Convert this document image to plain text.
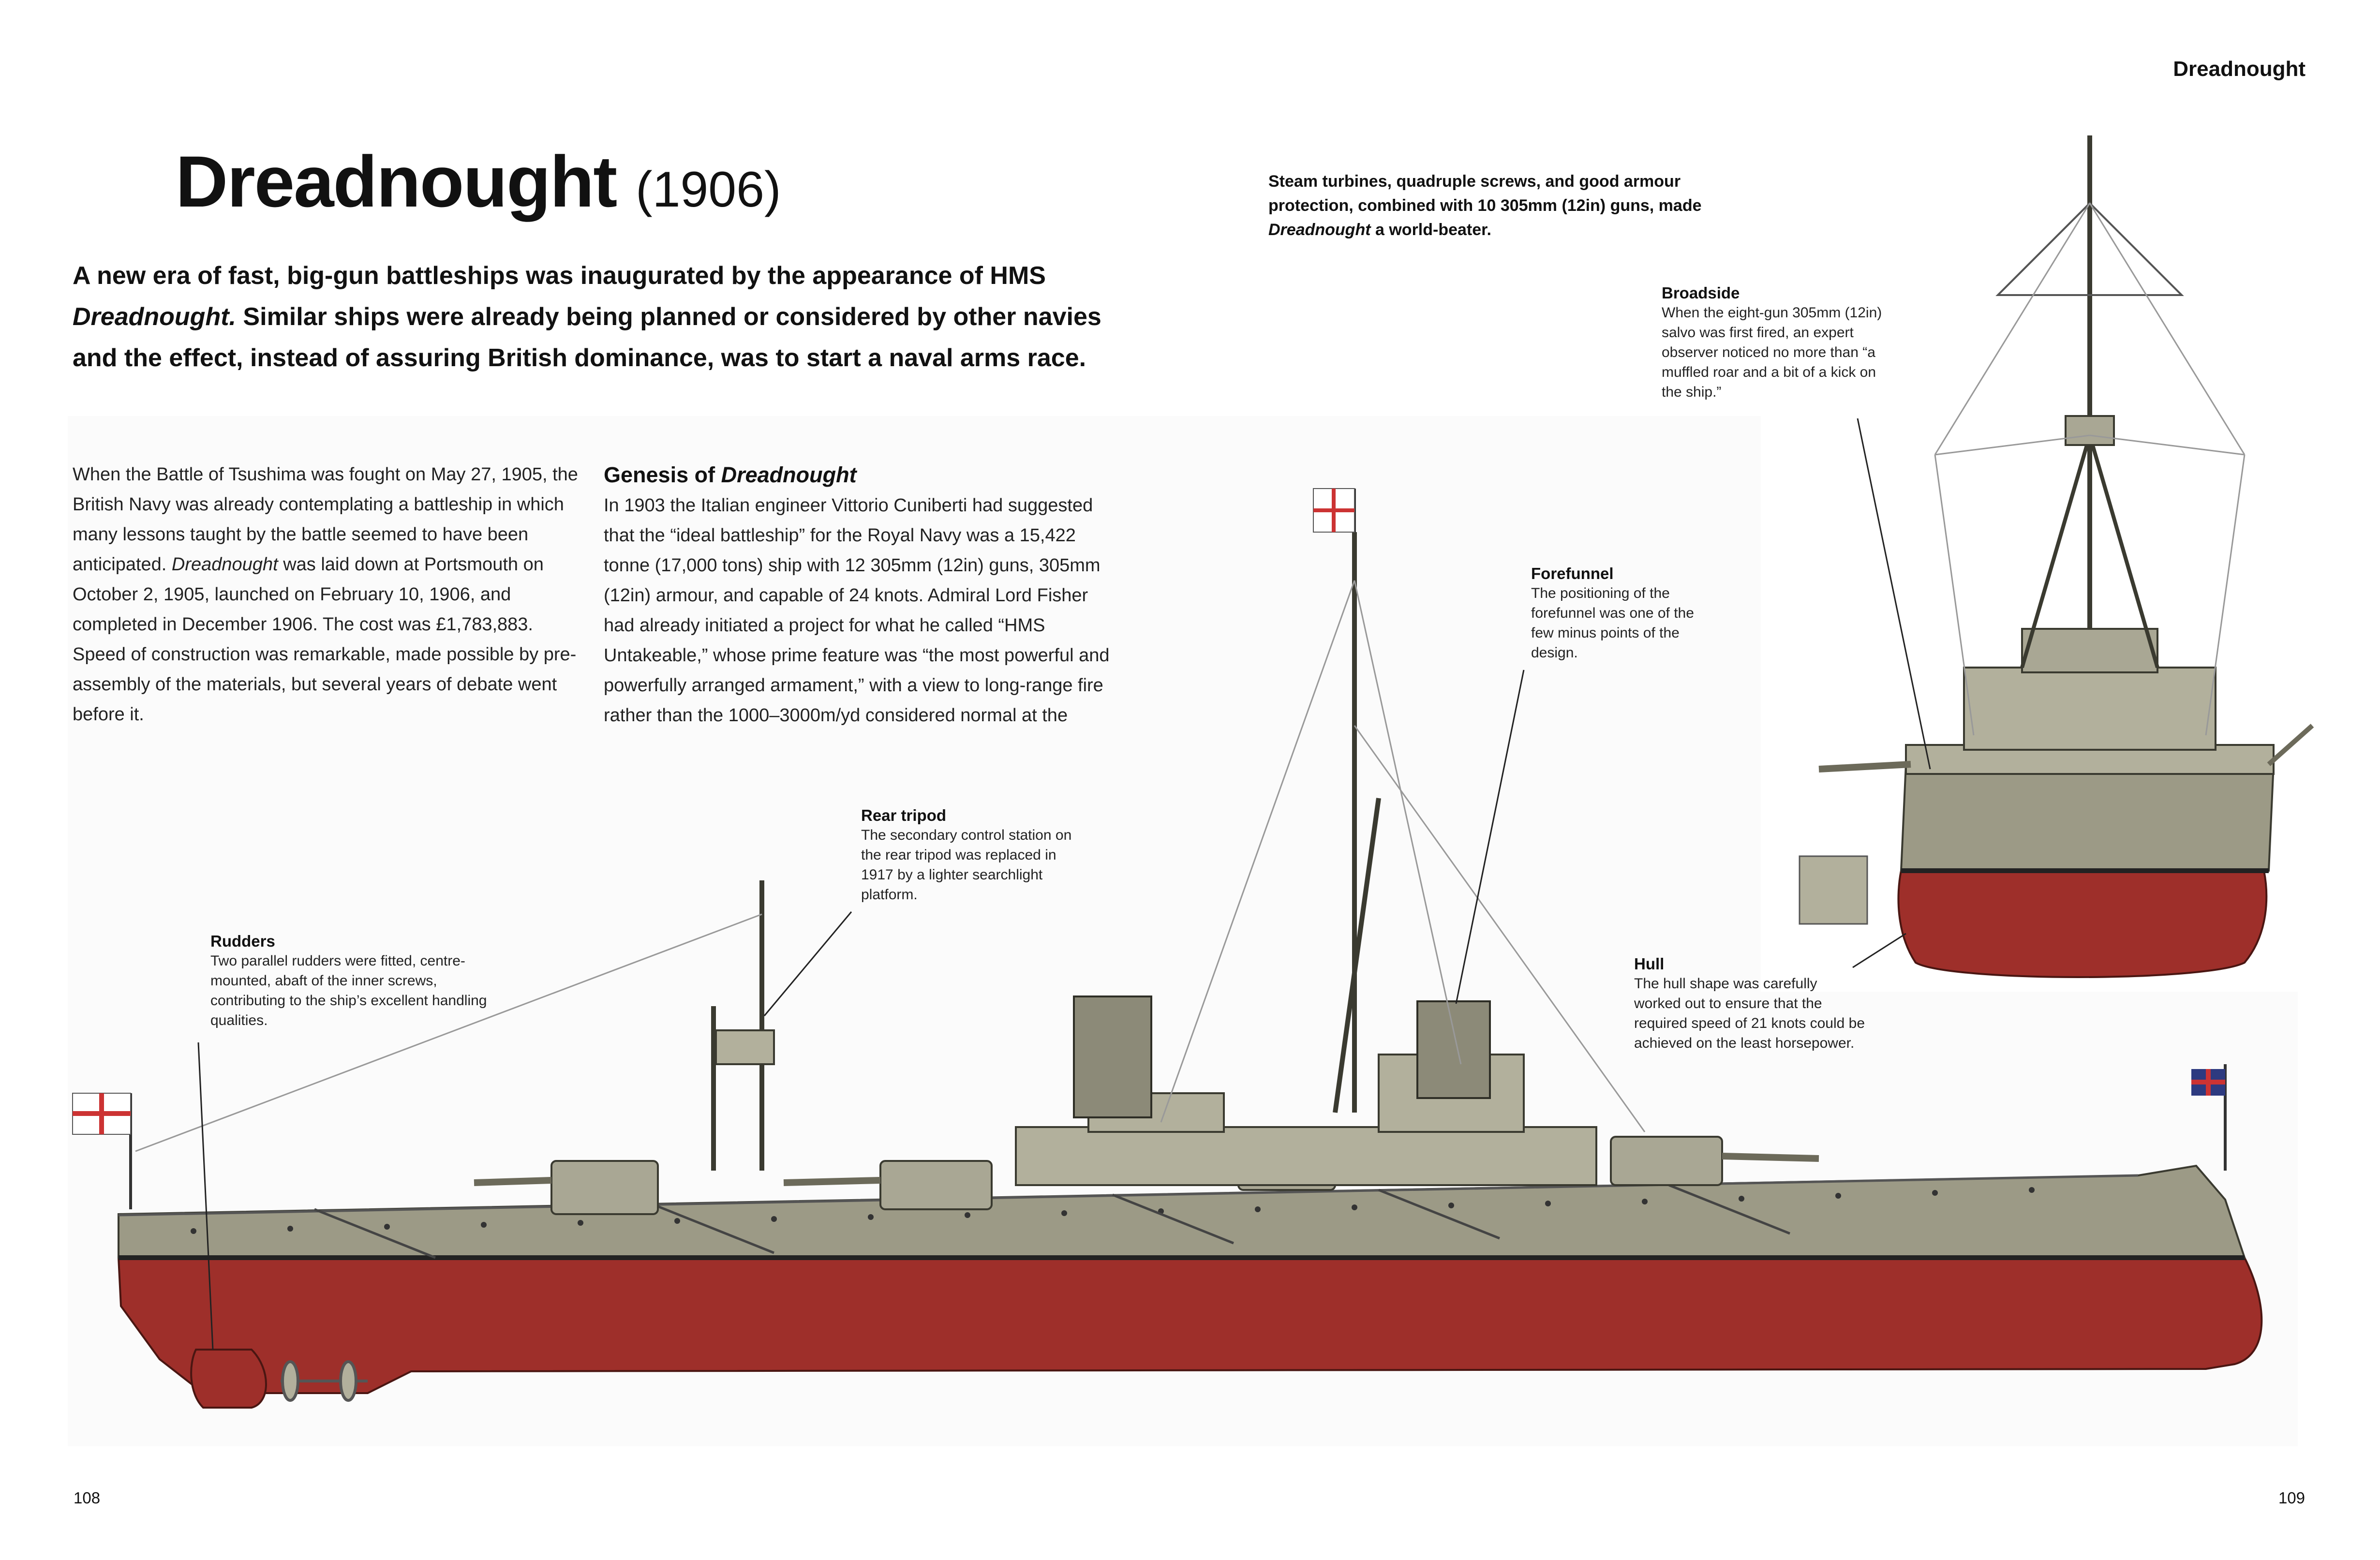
Dreadnought
Dreadnought (1906)
A new era of fast, big-gun battleships was inaugurated by the appearance of HMS Dreadnought. Similar ships were already being planned or considered by other navies and the effect, instead of assuring British dominance, was to start a naval arms race.
When the Battle of Tsushima was fought on May 27, 1905, the British Navy was already contemplating a battleship in which many lessons taught by the battle seemed to have been anticipated. Dreadnought was laid down at Portsmouth on October 2, 1905, launched on February 10, 1906, and completed in December 1906. The cost was £1,783,883. Speed of construction was remarkable, made possible by pre-assembly of the materials, but several years of debate went before it.
Genesis of Dreadnought
In 1903 the Italian engineer Vittorio Cuniberti had suggested that the “ideal battleship” for the Royal Navy was a 15,422 tonne (17,000 tons) ship with 12 305mm (12in) guns, 305mm (12in) armour, and capable of 24 knots. Admiral Lord Fisher had already initiated a project for what he called “HMS Untakeable,” whose prime feature was “the most powerful and powerfully arranged armament,” with a view to long-range fire rather than the 1000–3000m/yd considered normal at the
Steam turbines, quadruple screws, and good armour protection, combined with 10 305mm (12in) guns, made Dreadnought a world-beater.
Broadside
When the eight-gun 305mm (12in) salvo was first fired, an expert observer noticed no more than “a muffled roar and a bit of a kick on the ship.”
Forefunnel
The positioning of the forefunnel was one of the few minus points of the design.
Rear tripod
The secondary control station on the rear tripod was replaced in 1917 by a lighter searchlight platform.
Rudders
Two parallel rudders were fitted, centre-mounted, abaft of the inner screws, contributing to the ship’s excellent handling qualities.
Hull
The hull shape was carefully worked out to ensure that the required speed of 21 knots could be achieved on the least horsepower.
108	109
